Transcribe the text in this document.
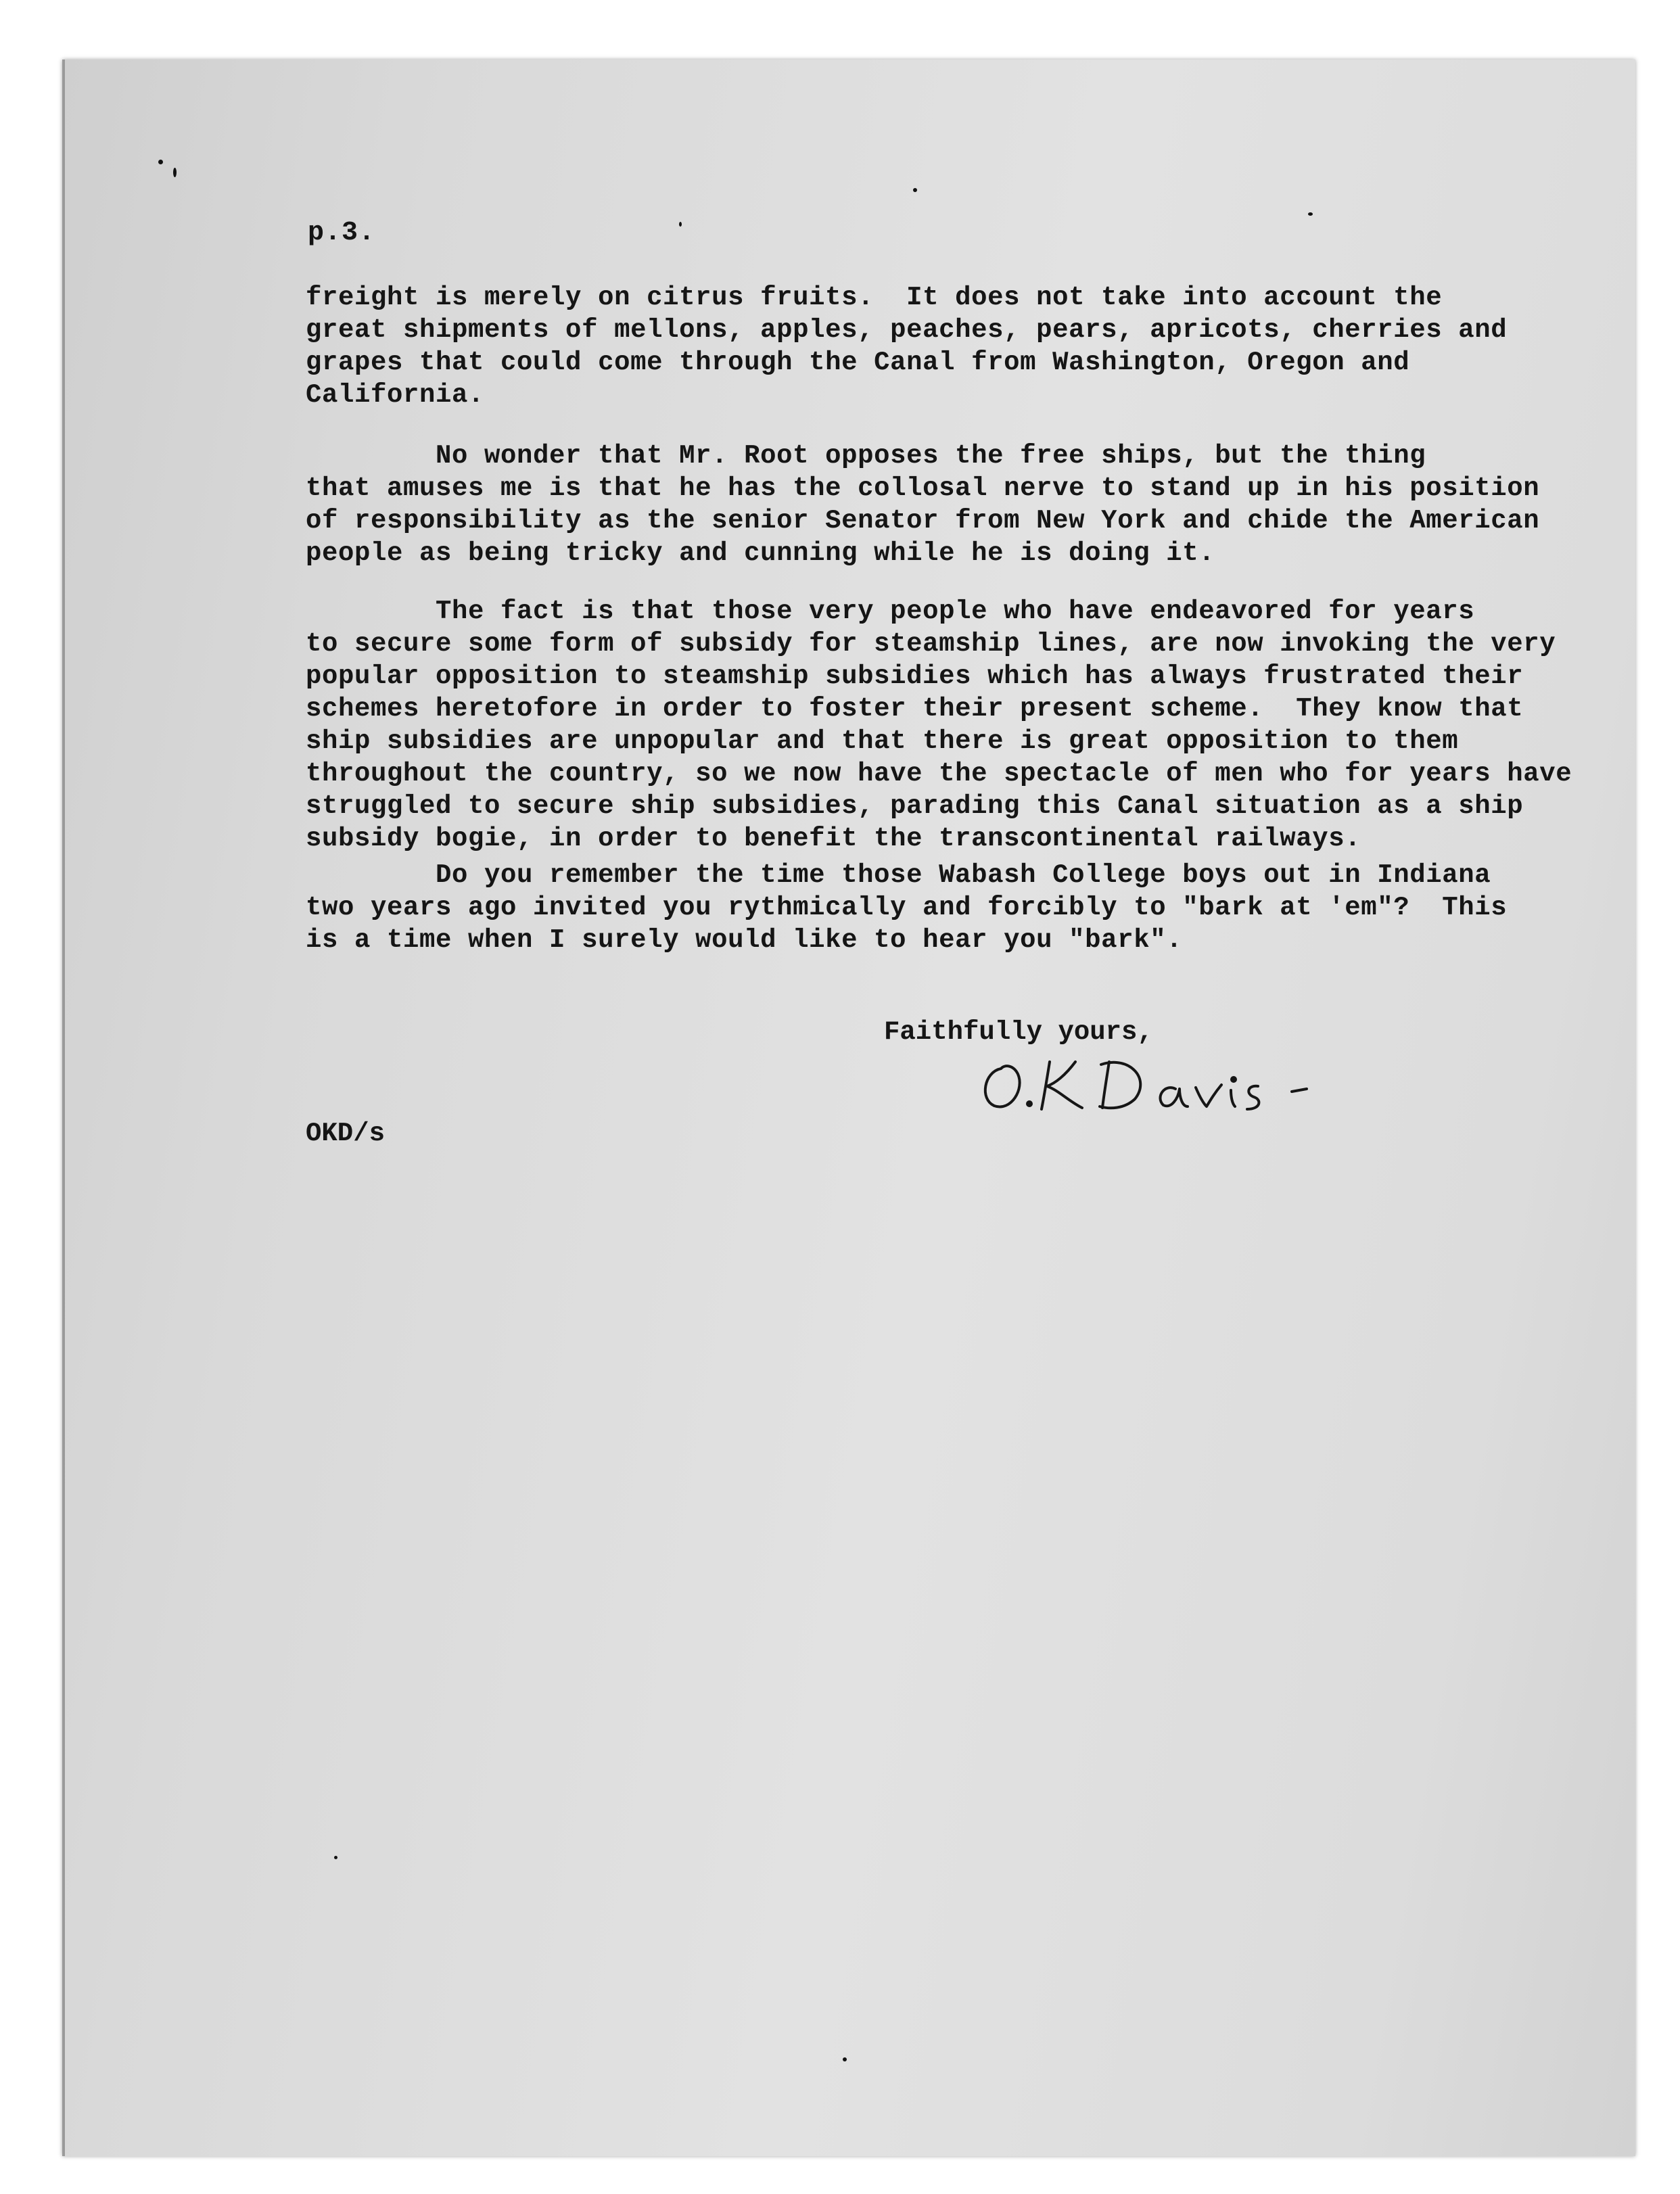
p.3.
freight is merely on citrus fruits.  It does not take into account the
great shipments of mellons, apples, peaches, pears, apricots, cherries and
grapes that could come through the Canal from Washington, Oregon and
California.
No wonder that Mr. Root opposes the free ships, but the thing
that amuses me is that he has the collosal nerve to stand up in his position
of responsibility as the senior Senator from New York and chide the American
people as being tricky and cunning while he is doing it.
The fact is that those very people who have endeavored for years
to secure some form of subsidy for steamship lines, are now invoking the very
popular opposition to steamship subsidies which has always frustrated their
schemes heretofore in order to foster their present scheme.  They know that
ship subsidies are unpopular and that there is great opposition to them
throughout the country, so we now have the spectacle of men who for years have
struggled to secure ship subsidies, parading this Canal situation as a ship
subsidy bogie, in order to benefit the transcontinental railways.
Do you remember the time those Wabash College boys out in Indiana
two years ago invited you rythmically and forcibly to "bark at 'em"?  This
is a time when I surely would like to hear you "bark".
Faithfully yours,
OKD/s
